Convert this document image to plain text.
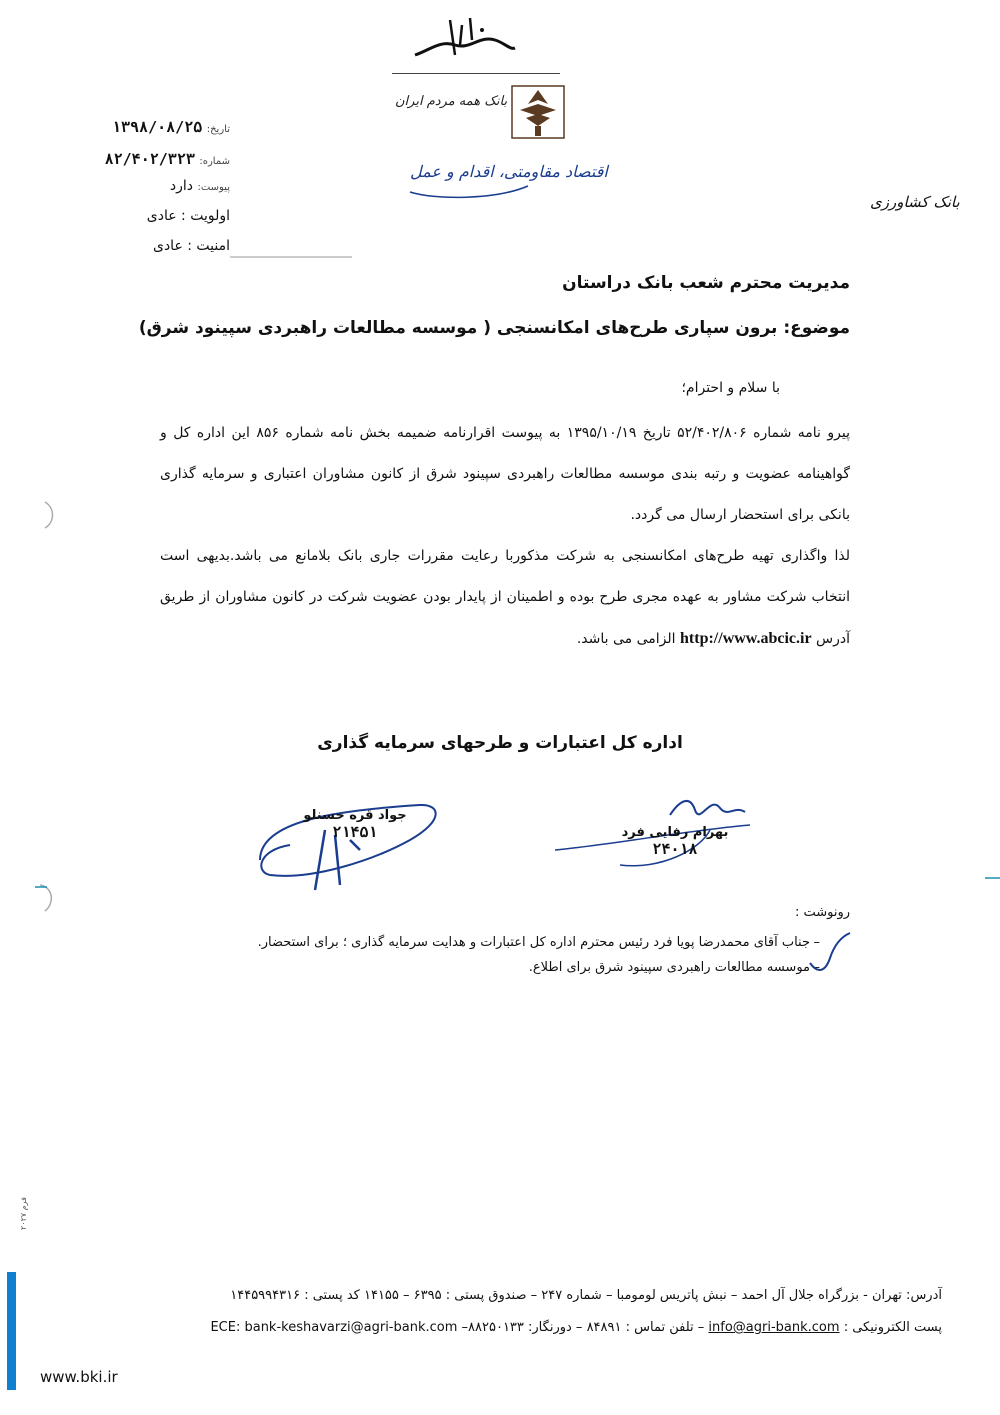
بانک همه مردم ایران
اقتصاد مقاومتی، اقدام و عمل
بانک کشاورزی
تاریخ: ۱۳۹۸/۰۸/۲۵
شماره: ۸۲/۴۰۲/۳۲۳
پیوست: دارد
اولویت : عادی
امنیت : عادی
مدیریت محترم شعب بانک دراستان
موضوع: برون سپاری طرح‌های امکانسنجی ( موسسه مطالعات راهبردی سپینود شرق)
با سلام و احترام؛
پیرو نامه شماره ۵۲/۴۰۲/۸۰۶ تاریخ ۱۳۹۵/۱۰/۱۹ به پیوست اقرارنامه ضمیمه بخش نامه شماره ۸۵۶ این اداره کل و گواهینامه عضویت و رتبه بندی موسسه مطالعات راهبردی سپینود شرق از کانون مشاوران اعتباری و سرمایه گذاری بانکی برای استحضار ارسال می گردد.
لذا واگذاری تهیه طرح‌های امکانسنجی به شرکت مذکوربا رعایت مقررات جاری بانک بلامانع می باشد.بدیهی است انتخاب شرکت مشاور به عهده مجری طرح بوده و اطمینان از پایدار بودن عضویت شرکت در کانون مشاوران از طریق آدرس http://www.abcic.ir الزامی می باشد.
اداره کل اعتبارات و طرحهای سرمایه گذاری
جواد قره حسنلو
۲۱۴۵۱	بهرام رفایی فرد
۲۴۰۱۸
رونوشت :
–
جناب آقای محمدرضا پویا فرد رئیس محترم اداره کل اعتبارات و هدایت سرمایه گذاری ؛ برای استحضار.
–
موسسه مطالعات راهبردی سپینود شرق برای اطلاع.
آدرس: تهران - بزرگراه جلال آل احمد – نبش پاتریس لومومبا – شماره ۲۴۷ – صندوق پستی : ۶۳۹۵ – ۱۴۱۵۵ کد پستی : ۱۴۴۵۹۹۴۳۱۶
پست الکترونیکی : info@agri-bank.com – تلفن تماس : ۸۴۸۹۱ – دورنگار: ۸۸۲۵۰۱۳۳– ECE: bank-keshavarzi@agri-bank.com
فرم ۲۰۲۷
www.bki.ir
